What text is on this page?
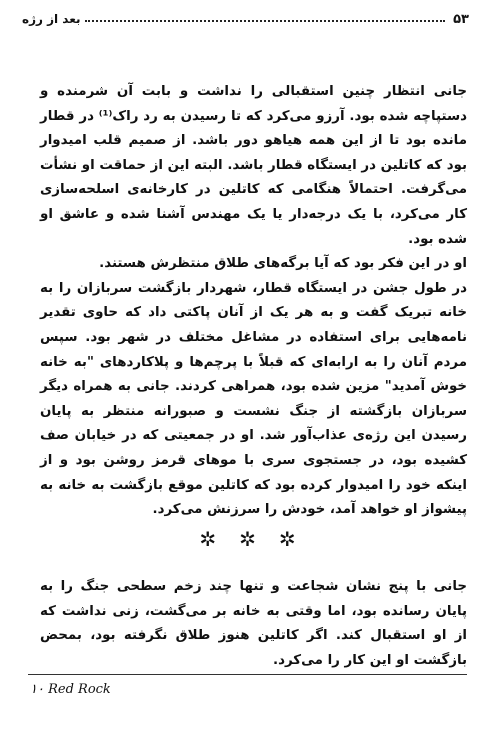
۵۳
بعد از رژه

جانی انتظار چنین استقبالی را نداشت و بابت آن شرمنده و دستپاچه شده بود. آرزو می‌کرد که تا رسیدن به رد راک⁽¹⁾ در قطار مانده بود تا از این همه هیاهو دور باشد. از صمیم قلب امیدوار بود که کاتلین در ایستگاه قطار باشد. البته این از حماقت او نشأت می‌گرفت. احتمالاً هنگامی که کاتلین در کارخانه‌ی اسلحه‌سازی کار می‌کرد، با یک درجه‌دار یا یک مهندس آشنا شده و عاشق او شده بود.

او در این فکر بود که آیا برگه‌های طلاق منتظرش هستند.

در طول جشن در ایستگاه قطار، شهردار بازگشت سربازان را به خانه تبریک گفت و به هر یک از آنان پاکتی داد که حاوی تقدیر نامه‌هایی برای استفاده در مشاغل مختلف در شهر بود. سپس مردم آنان را به ارابه‌ای که قبلاً با پرچم‌ها و پلاکاردهای "به خانه خوش آمدید" مزین شده بود، همراهی کردند. جانی به همراه دیگر سربازان بازگشته از جنگ نشست و صبورانه منتظر به پایان رسیدن این رژه‌ی عذاب‌آور شد. او در جمعیتی که در خیابان صف کشیده بود، در جستجوی سری با موهای قرمز روشن بود و از اینکه خود را امیدوار کرده بود که کاتلین موقع بازگشت به خانه به پیشواز او خواهد آمد، خودش را سرزنش می‌کرد.

✲ ✲ ✲

جانی با پنج نشان شجاعت و تنها چند زخم سطحی جنگ را به پایان رسانده بود، اما وقتی به خانه بر می‌گشت، زنی نداشت که از او استقبال کند. اگر کاتلین هنوز طلاق نگرفته بود، بمحض بازگشت او این کار را می‌کرد.

۱۰ Red Rock
